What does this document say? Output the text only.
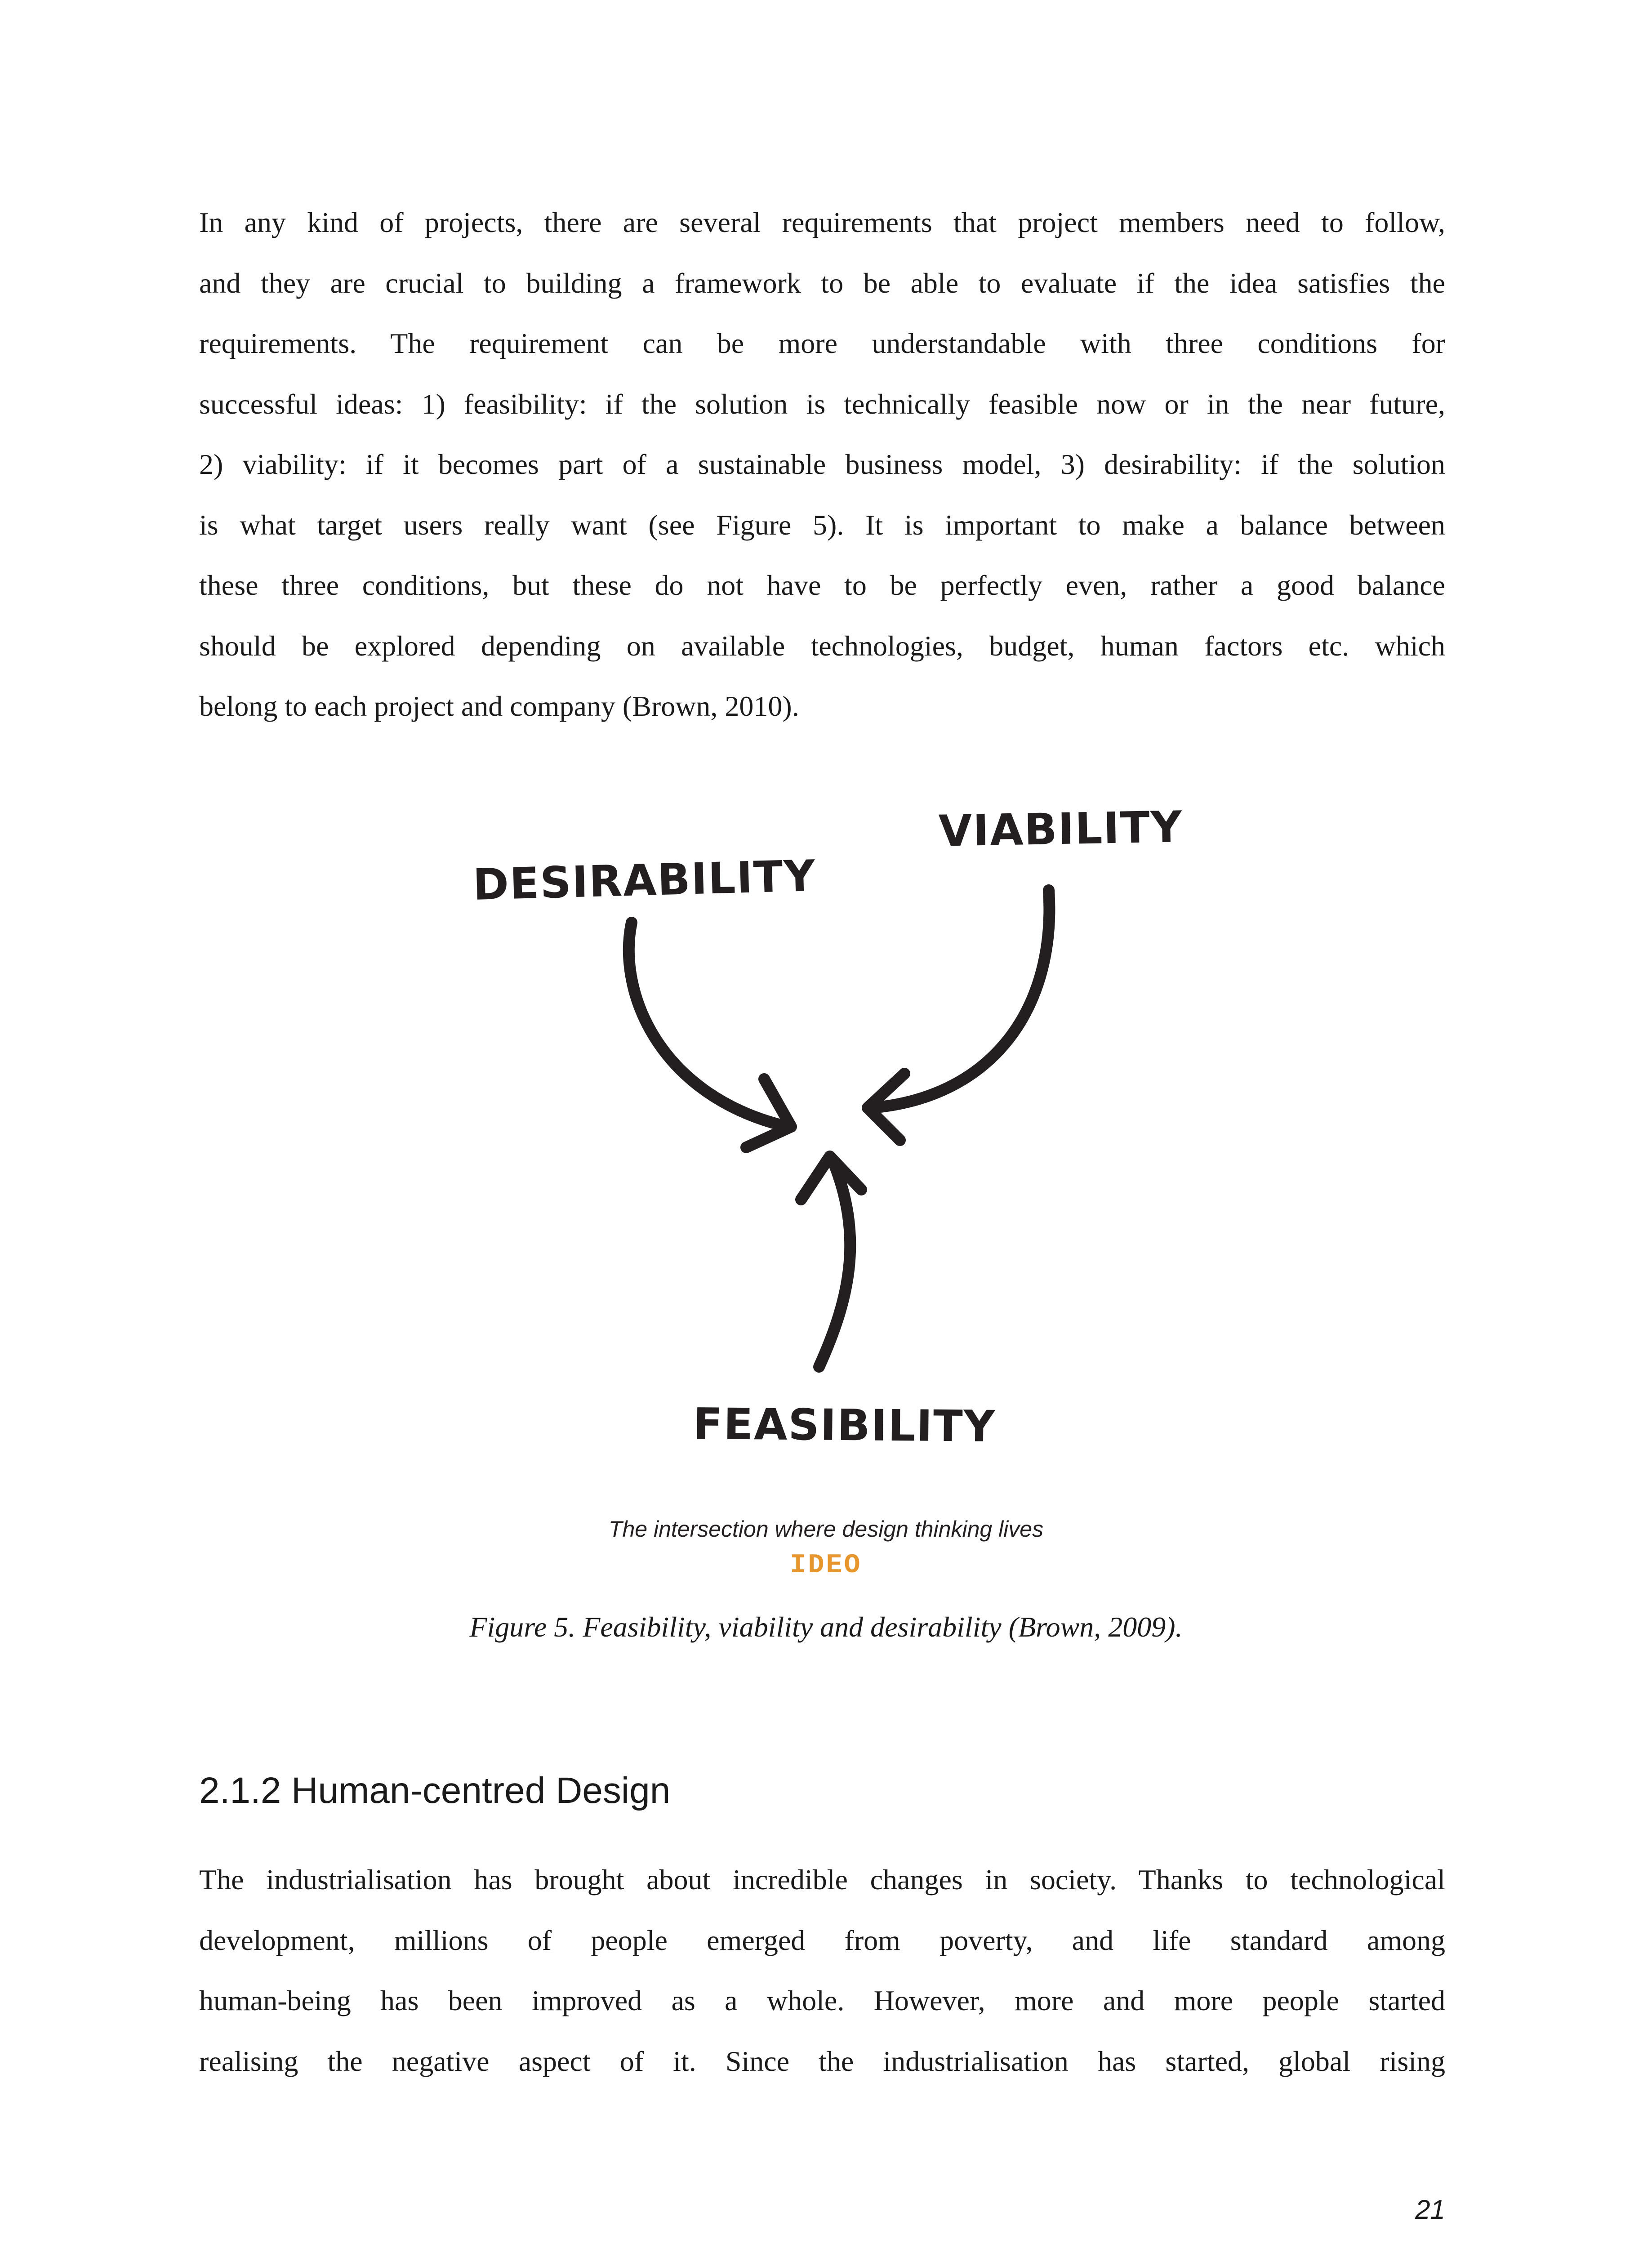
In any kind of projects, there are several requirements that project members need to follow,
and they are crucial to building a framework to be able to evaluate if the idea satisfies the
requirements. The requirement can be more understandable with three conditions for
successful ideas: 1) feasibility: if the solution is technically feasible now or in the near future,
2) viability: if it becomes part of a sustainable business model, 3) desirability: if the solution
is what target users really want (see Figure 5). It is important to make a balance between
these three conditions, but these do not have to be perfectly even, rather a good balance
should be explored depending on available technologies, budget, human factors etc. which
belong to each project and company (Brown, 2010).

DESIRABILITY
VIABILITY
FEASIBILITY
The intersection where design thinking lives
IDEO
Figure 5. Feasibility, viability and desirability (Brown, 2009).
2.1.2 Human-centred Design

The industrialisation has brought about incredible changes in society. Thanks to technological
development, millions of people emerged from poverty, and life standard among
human-being has been improved as a whole. However, more and more people started
realising the negative aspect of it. Since the industrialisation has started, global rising

21
